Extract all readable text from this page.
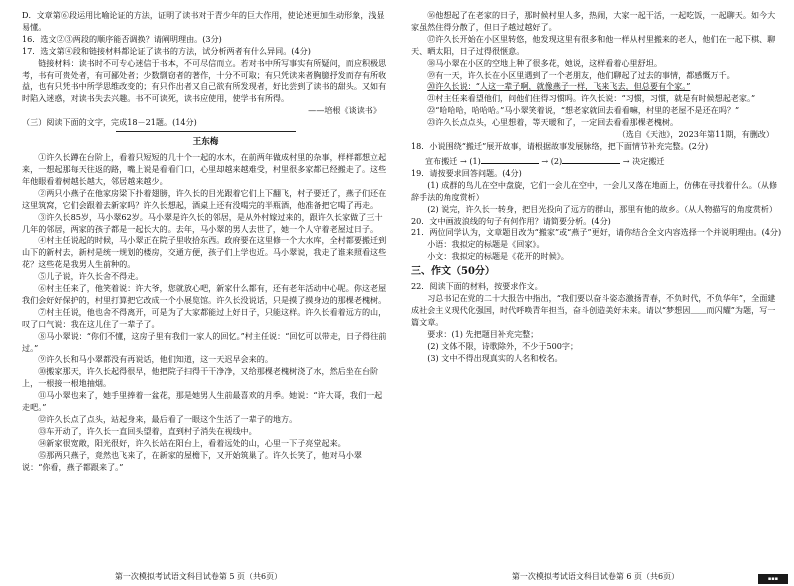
D．文章第⑥段运用比喻论证的方法，证明了读书对于青少年的巨大作用，使论述更加生动形象，浅显易懂。

16．选文②③两段的顺序能否调换？请阐明理由。(3分)

17．选文第④段和链接材料都论证了读书的方法，试分析两者有什么异同。(4分)

链接材料：读书时不可专心迷信于书本，不可尽信而立。若对书中所写事实有所疑问，而应积极思考，书有可贵处者，有可鄙处者；少数剽窃者的著作，十分不可取；有只凭读来者胸臆抒发而存有所收益，也有只凭书中所学思维改变的；有只作出者又自己欲有所发现者，好比尝到了读书的甜头。又如有时陷入迷惑，对读书失去兴趣。书不可读死，读书应使用，使学书有所得。

——培根《谈读书》

（三）阅读下面的文字，完成18－21题。(14分)

王东梅

①许久长蹲在台阶上，看着只短短的几十个一起的水木，在前两年做成村里的杂事，样样都想立起来，一想起那每天往返的路，嘴上说是看看门口，心里却越来越难受，村里很多家都已经搬走了。这些年他眼看着树越长越大，邻居越来越少。

②两只小燕子在他家房梁下扑着翅膀，许久长的目光跟着它们上下翻飞，村子要迁了，燕子们还在这里筑窝，它们会跟着去新家吗？许久长想起，酒桌上还有没喝完的半瓶酒，他准备把它喝了再走。

③许久长85岁，马小翠62岁。马小翠是许久长的邻居，是从外村嫁过来的，跟许久长家做了三十几年的邻居，两家的孩子都是一起长大的。去年，马小翠的男人去世了，她一个人守着老屋过日子。

④村主任说起的时候，马小翠正在院子里收拾东西。政府要在这里修一个大水库，全村都要搬迁到山下的新村去，新村是统一规划的楼房，交通方便，孩子们上学也近。马小翠说，我走了谁来照看这些花？这些花是我男人生前种的。

⑤儿子说，许久长舍不得走。

⑥村主任来了，他笑着说：许大爷，您就放心吧，新家什么都有，还有老年活动中心呢。你这老屋我们会好好保护的，村里打算把它改成一个小展览馆。许久长没说话，只是摸了摸身边的那棵老槐树。

⑦村主任说，他也舍不得离开，可是为了大家都能过上好日子，只能这样。许久长看着远方的山，叹了口气说：我在这儿住了一辈子了。

⑧马小翠说：“你们不懂，这房子里有我们一家人的回忆。”村主任说：“回忆可以带走，日子得往前过。”

⑨许久长和马小翠都没有再说话，他们知道，这一天迟早会来的。

⑩搬家那天，许久长起得很早，他把院子扫得干干净净，又给那棵老槐树浇了水，然后坐在台阶上，一根接一根地抽烟。

⑪马小翠也来了，她手里捧着一盆花，那是她男人生前最喜欢的月季。她说：“许大哥，我们一起走吧。”

⑫许久长点了点头，站起身来，最后看了一眼这个生活了一辈子的地方。

⑬车开动了，许久长一直回头望着，直到村子消失在视线中。

⑭新家很宽敞，阳光很好，许久长站在阳台上，看着远处的山，心里一下子亮堂起来。

⑮那两只燕子，竟然也飞来了，在新家的屋檐下，又开始筑巢了。许久长笑了，他对马小翠说：“你看，燕子都跟来了。”

第一次模拟考试语文科目试卷第 5 页（共6页）

⑯他想起了在老家的日子，那时候村里人多，热闹，大家一起干活，一起吃饭，一起聊天。如今大家虽然住得分散了，但日子越过越好了。

⑰许久长开始在小区里转悠，他发现这里有很多和他一样从村里搬来的老人，他们在一起下棋、聊天、晒太阳，日子过得很惬意。

⑱马小翠在小区的空地上种了很多花，她说，这样看着心里舒坦。

⑲有一天，许久长在小区里遇到了一个老朋友，他们聊起了过去的事情，都感慨万千。

⑳许久长说：“人这一辈子啊，就像燕子一样，飞来飞去，但总要有个家。”

㉑村主任来看望他们，问他们住得习惯吗。许久长说：“习惯，习惯，就是有时候想起老家。”

㉒“哈哈哈，哈哈哈。”马小翠笑着说，“想老家就回去看看嘛，村里的老屋不是还在吗？”

㉓许久长点点头，心里想着，等天暖和了，一定回去看看那棵老槐树。

（选自《天池》，2023年第11期，有删改）

18．小说围绕“搬迁”展开故事，请根据故事发展脉络，把下面情节补充完整。(2分)

宣布搬迁 → (1)	→ (2)	→ 决定搬迁

19．请按要求回答问题。(4分)

(1) 成群的鸟儿在空中盘旋，它们一会儿在空中，一会儿又落在地面上，仿佛在寻找着什么。（从修辞手法的角度赏析）

(2) 说完，许久长一转身，把目光投向了远方的群山，那里有他的故乡。（从人物描写的角度赏析）

20．文中画波浪线的句子有何作用？请简要分析。(4分)

21．两位同学认为，文章题目改为“搬家”或“燕子”更好，请你结合全文内容选择一个并说明理由。(4分)

小语：我拟定的标题是《回家》。

小文：我拟定的标题是《花开的时候》。

三、作文（50分）

22．阅读下面的材料，按要求作文。

习总书记在党的二十大报告中指出，“我们要以奋斗姿态激扬青春，不负时代，不负华年”，全面建成社会主义现代化强国，时代呼唤青年担当，奋斗创造美好未来。请以“梦想因＿＿而闪耀”为题，写一篇文章。

要求：(1) 先把题目补充完整；

(2) 文体不限，诗歌除外，不少于500字；

(3) 文中不得出现真实的人名和校名。

第一次模拟考试语文科目试卷第 6 页（共6页）	▪▪▪
